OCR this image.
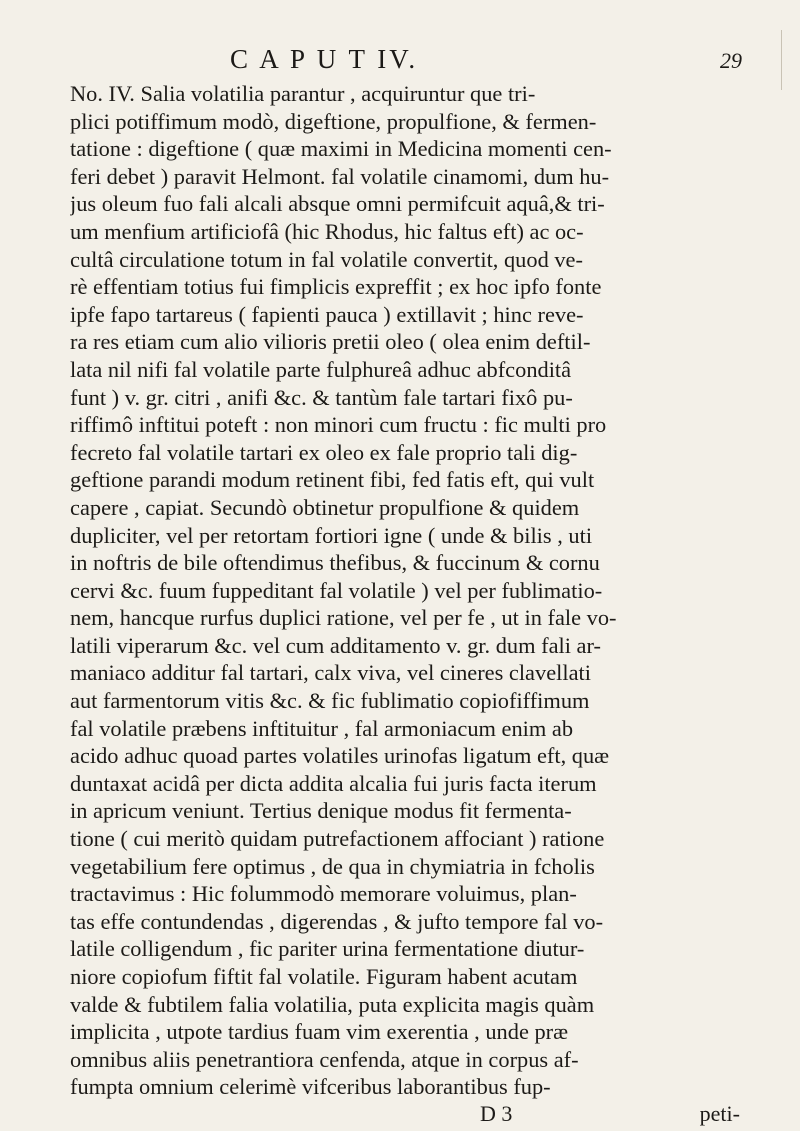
C A P U T IV.	29
No. IV. Salia volatilia parantur , acquiruntur que tri-
plici potiffimum modò, digeftione, propulfione, & fermen-
tatione : digeftione ( quæ maximi in Medicina momenti cen-
feri debet ) paravit Helmont. fal volatile cinamomi, dum hu-
jus oleum fuo fali alcali absque omni permifcuit aquâ,& tri-
um menfium artificiofâ (hic Rhodus, hic faltus eft) ac oc-
cultâ circulatione totum in fal volatile convertit, quod ve-
rè effentiam totius fui fimplicis expreffit ; ex hoc ipfo fonte
ipfe fapo tartareus ( fapienti pauca ) extillavit ; hinc reve-
ra res etiam cum alio vilioris pretii oleo ( olea enim deftil-
lata nil nifi fal volatile parte fulphureâ adhuc abfconditâ
funt ) v. gr. citri , anifi &c. & tantùm fale tartari fixô pu-
riffimô inftitui poteft : non minori cum fructu : fic multi pro
fecreto fal volatile tartari ex oleo ex fale proprio tali dig-
geftione parandi modum retinent fibi, fed fatis eft, qui vult
capere , capiat. Secundò obtinetur propulfione & quidem
dupliciter, vel per retortam fortiori igne ( unde & bilis , uti
in noftris de bile oftendimus thefibus, & fuccinum & cornu
cervi &c. fuum fuppeditant fal volatile ) vel per fublimatio-
nem, hancque rurfus duplici ratione, vel per fe , ut in fale vo-
latili viperarum &c. vel cum additamento v. gr. dum fali ar-
maniaco additur fal tartari, calx viva, vel cineres clavellati
aut farmentorum vitis &c. & fic fublimatio copiofiffimum
fal volatile præbens inftituitur , fal armoniacum enim ab
acido adhuc quoad partes volatiles urinofas ligatum eft, quæ
duntaxat acidâ per dicta addita alcalia fui juris facta iterum
in apricum veniunt. Tertius denique modus fit fermenta-
tione ( cui meritò quidam putrefactionem affociant ) ratione
vegetabilium fere optimus , de qua in chymiatria in fcholis
tractavimus : Hic folummodò memorare voluimus, plan-
tas effe contundendas , digerendas , & jufto tempore fal vo-
latile colligendum , fic pariter urina fermentatione diutur-
niore copiofum fiftit fal volatile. Figuram habent acutam
valde & fubtilem falia volatilia, puta explicita magis quàm
implicita , utpote tardius fuam vim exerentia , unde præ
omnibus aliis penetrantiora cenfenda, atque in corpus af-
fumpta omnium celerimè vifceribus laborantibus fup-
D 3	peti-
